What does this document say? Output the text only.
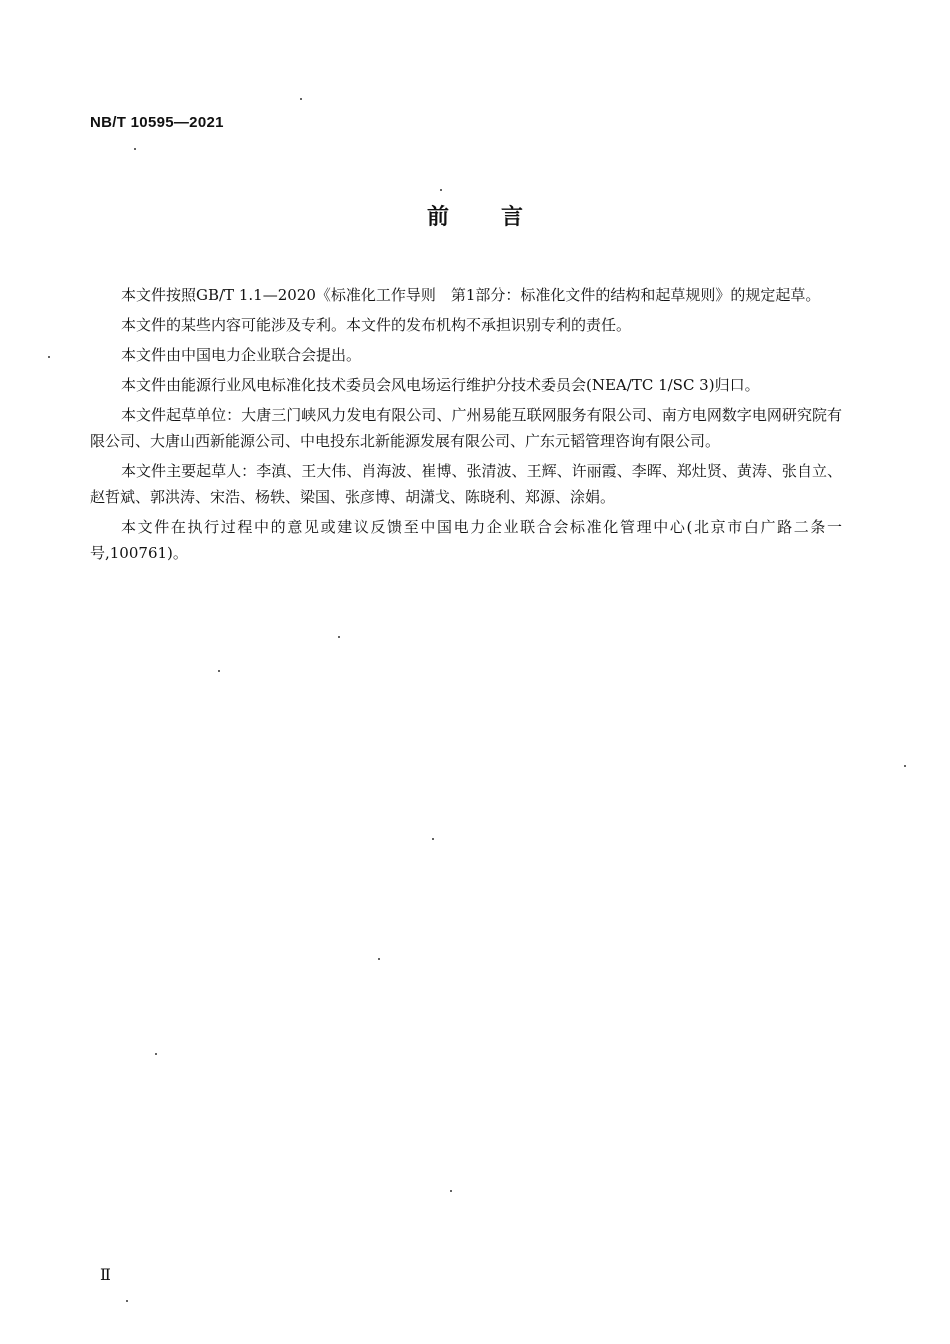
NB/T 10595—2021
前 言

本文件按照GB/T 1.1—2020《标准化工作导则　第1部分：标准化文件的结构和起草规则》的规定起草。

本文件的某些内容可能涉及专利。本文件的发布机构不承担识别专利的责任。

本文件由中国电力企业联合会提出。

本文件由能源行业风电标准化技术委员会风电场运行维护分技术委员会(NEA/TC 1/SC 3)归口。

本文件起草单位：大唐三门峡风力发电有限公司、广州易能互联网服务有限公司、南方电网数字电网研究院有限公司、大唐山西新能源公司、中电投东北新能源发展有限公司、广东元韬管理咨询有限公司。

本文件主要起草人：李滇、王大伟、肖海波、崔博、张清波、王辉、许丽霞、李晖、郑灶贤、黄涛、张自立、赵哲斌、郭洪涛、宋浩、杨轶、梁国、张彦博、胡潇戈、陈晓利、郑源、涂娟。

本文件在执行过程中的意见或建议反馈至中国电力企业联合会标准化管理中心(北京市白广路二条一号,100761)。

Ⅱ
